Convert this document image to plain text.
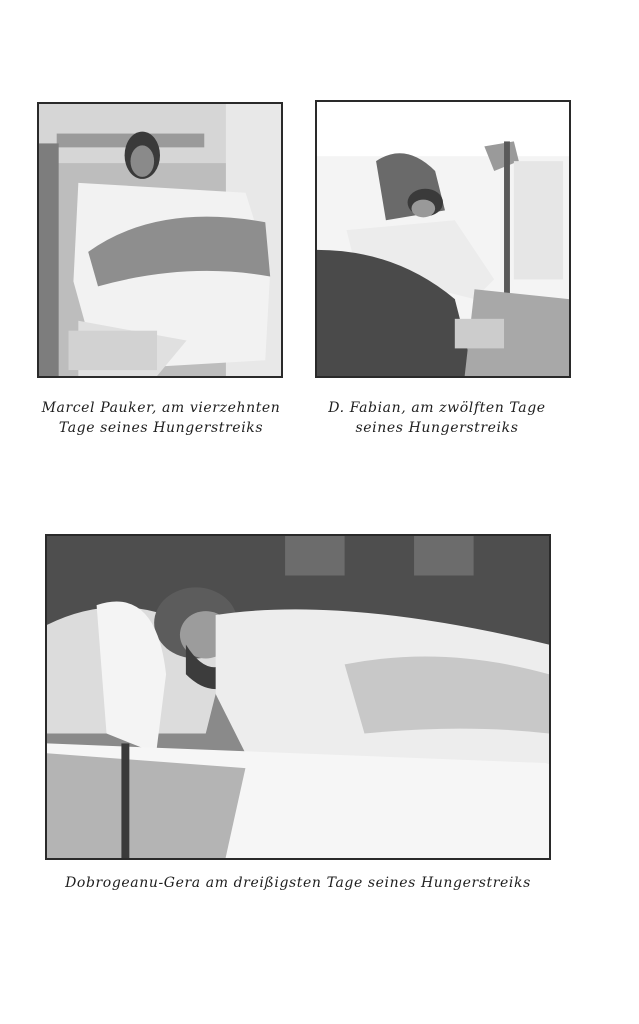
Marcel Pauker, am vierzehnten
Tage seines Hungerstreiks
D. Fabian, am zwölften Tage
seines Hungerstreiks
Dobrogeanu-Gera am dreißigsten Tage seines Hungerstreiks
